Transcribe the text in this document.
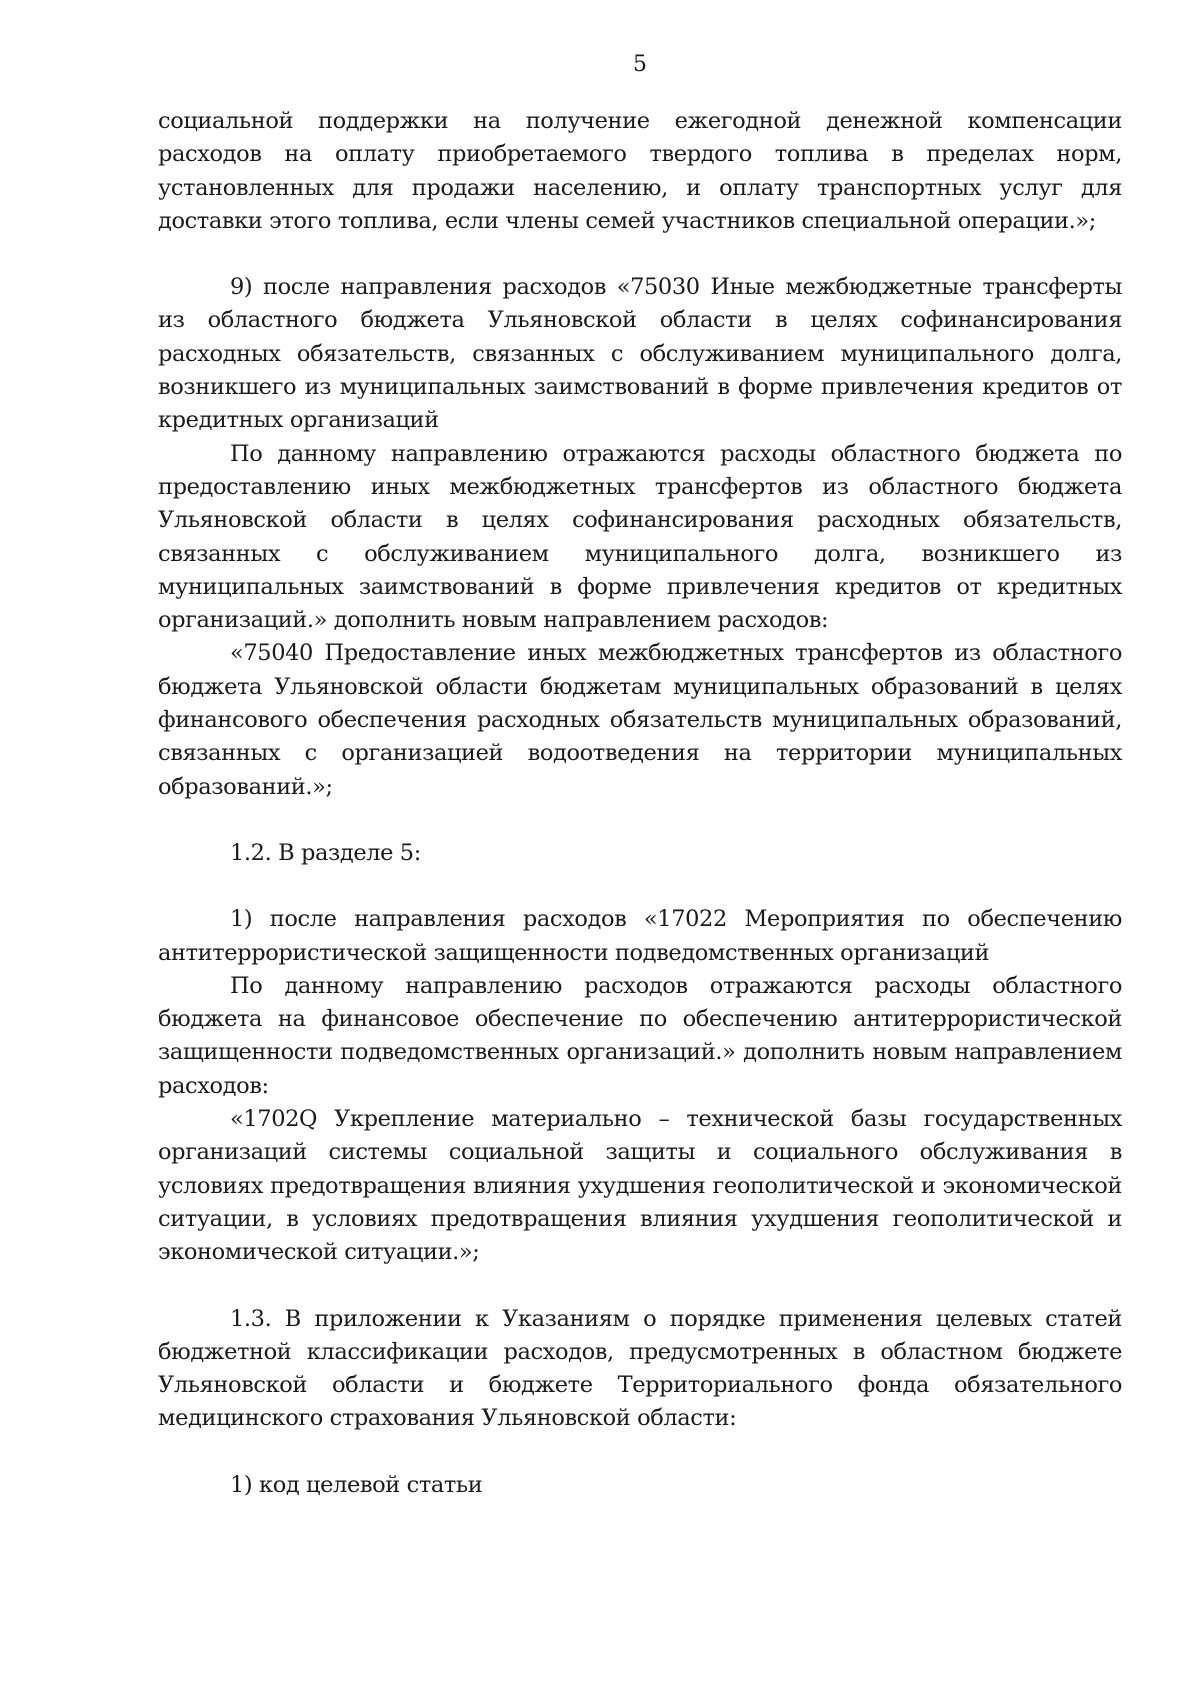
5

социальной поддержки на получение ежегодной денежной компенсации расходов на оплату приобретаемого твердого топлива в пределах норм, установленных для продажи населению, и оплату транспортных услуг для доставки этого топлива, если члены семей участников специальной операции.»;

9) после направления расходов «75030 Иные межбюджетные трансферты из областного бюджета Ульяновской области в целях софинансирования расходных обязательств, связанных с обслуживанием муниципального долга, возникшего из муниципальных заимствований в форме привлечения кредитов от кредитных организаций

По данному направлению отражаются расходы областного бюджета по предоставлению иных межбюджетных трансфертов из областного бюджета Ульяновской области в целях софинансирования расходных обязательств, связанных с обслуживанием муниципального долга, возникшего из муниципальных заимствований в форме привлечения кредитов от кредитных организаций.» дополнить новым направлением расходов:

«75040 Предоставление иных межбюджетных трансфертов из областного бюджета Ульяновской области бюджетам муниципальных образований в целях финансового обеспечения расходных обязательств муниципальных образований, связанных с организацией водоотведения на территории муниципальных образований.»;

1.2. В разделе 5:

1) после направления расходов «17022 Мероприятия по обеспечению антитеррористической защищенности подведомственных организаций

По данному направлению расходов отражаются расходы областного бюджета на финансовое обеспечение по обеспечению антитеррористической защищенности подведомственных организаций.» дополнить новым направлением расходов:

«1702Q Укрепление материально – технической базы государственных организаций системы социальной защиты и социального обслуживания в условиях предотвращения влияния ухудшения геополитической и экономической ситуации, в условиях предотвращения влияния ухудшения геополитической и экономической ситуации.»;

1.3. В приложении к Указаниям о порядке применения целевых статей бюджетной классификации расходов, предусмотренных в областном бюджете Ульяновской области и бюджете Территориального фонда обязательного медицинского страхования Ульяновской области:

1) код целевой статьи
